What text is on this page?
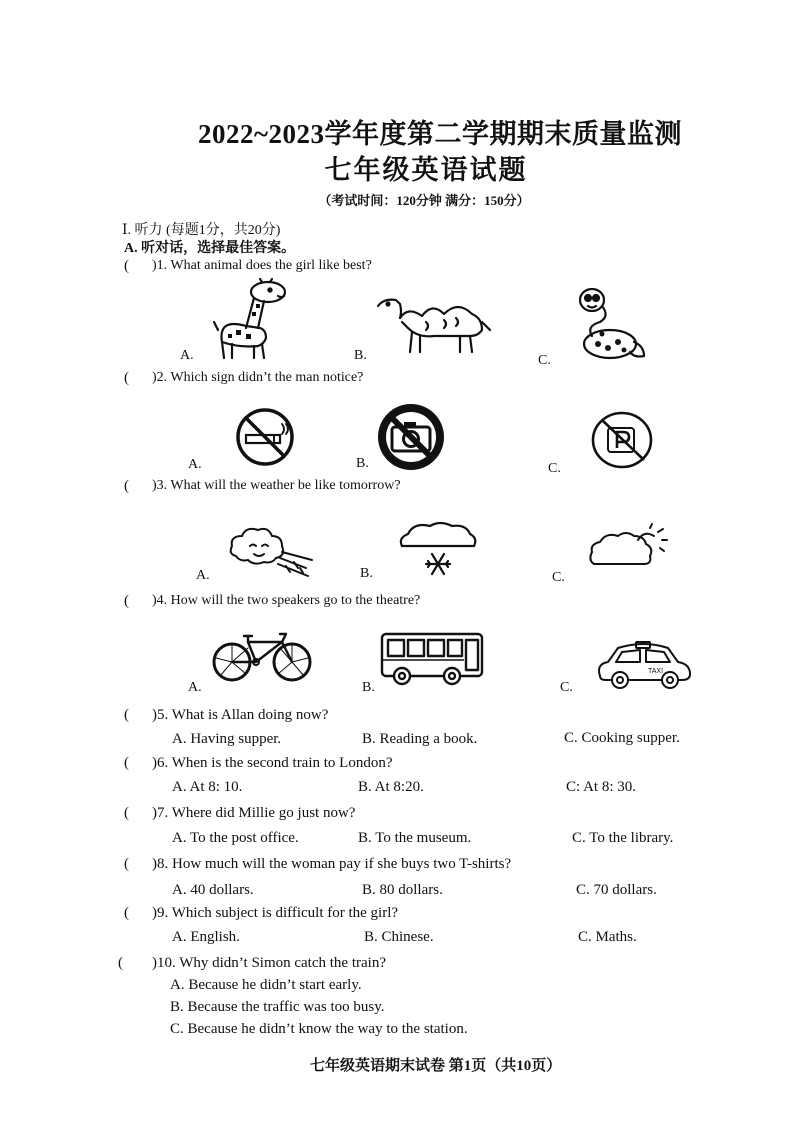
2022~2023学年度第二学期期末质量监测
七年级英语试题
（考试时间：120分钟 满分：150分）
Ⅰ. 听力 (每题1分，共20分)
A. 听对话，选择最佳答案。
( )1. What animal does the girl like best?
A.	B.	C.
( )2. Which sign didn’t the man notice?
A.	B.	C.
( )3. What will the weather be like tomorrow?
A.	B.	C.
( )4. How will the two speakers go to the theatre?
TAXI
A.	B.	C.
( )5. What is Allan doing now?
A. Having supper.	B. Reading a book.	C. Cooking supper.
( )6. When is the second train to London?
A. At 8: 10.	B. At 8:20.	C: At 8: 30.
( )7. Where did Millie go just now?
A. To the post office.	B. To the museum.	C. To the library.
( )8. How much will the woman pay if she buys two T-shirts?
A. 40 dollars.	B. 80 dollars.	C. 70 dollars.
( )9. Which subject is difficult for the girl?
A. English.	B. Chinese.	C. Maths.
( )10. Why didn’t Simon catch the train?
A. Because he didn’t start early.
B. Because the traffic was too busy.
C. Because he didn’t know the way to the station.
七年级英语期末试卷 第1页（共10页）
